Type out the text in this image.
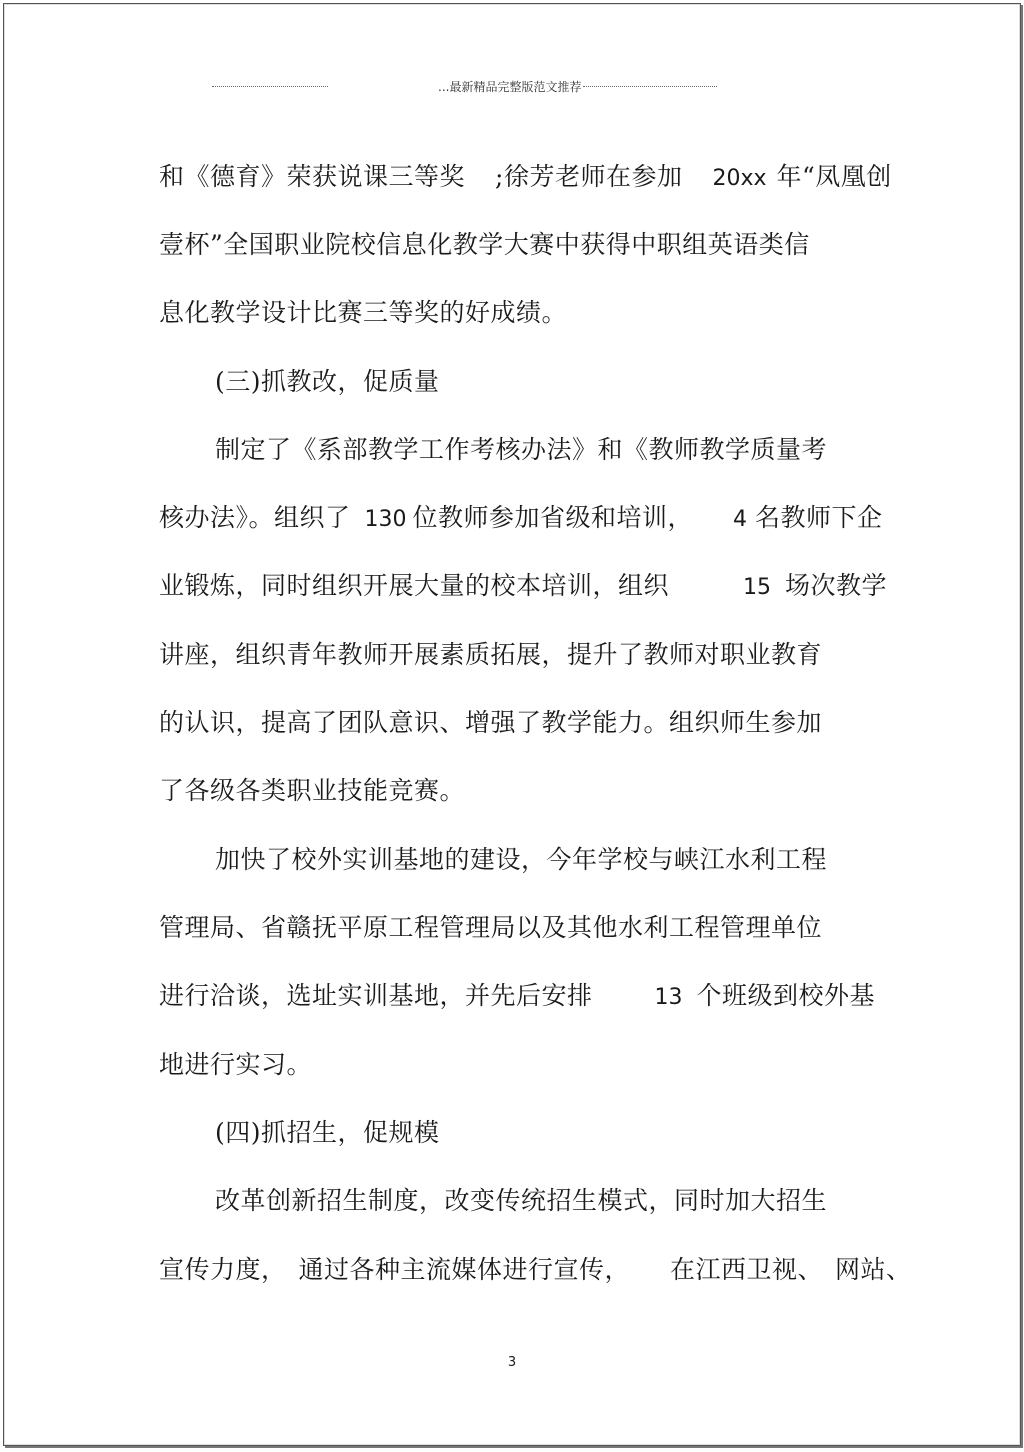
...最新精品完整版范文推荐
和《德育》荣获说课三等奖 ;徐芳老师在参加 20xx 年“凤凰创
壹杯”全国职业院校信息化教学大赛中获得中职组英语类信
息化教学设计比赛三等奖的好成绩。
(三)抓教改，促质量
制定了《系部教学工作考核办法》和《教师教学质量考
核办法》。组织了 130 位教师参加省级和培训， 4 名教师下企
业锻炼，同时组织开展大量的校本培训，组织	15 场次教学
讲座，组织青年教师开展素质拓展，提升了教师对职业教育
的认识，提高了团队意识、增强了教学能力。组织师生参加
了各级各类职业技能竞赛。
加快了校外实训基地的建设，今年学校与峡江水利工程
管理局、省赣抚平原工程管理局以及其他水利工程管理单位
进行洽谈，选址实训基地，并先后安排	13 个班级到校外基
地进行实习。
(四)抓招生，促规模
改革创新招生制度，改变传统招生模式，同时加大招生
宣传力度， 通过各种主流媒体进行宣传， 在江西卫视、 网站、
3
